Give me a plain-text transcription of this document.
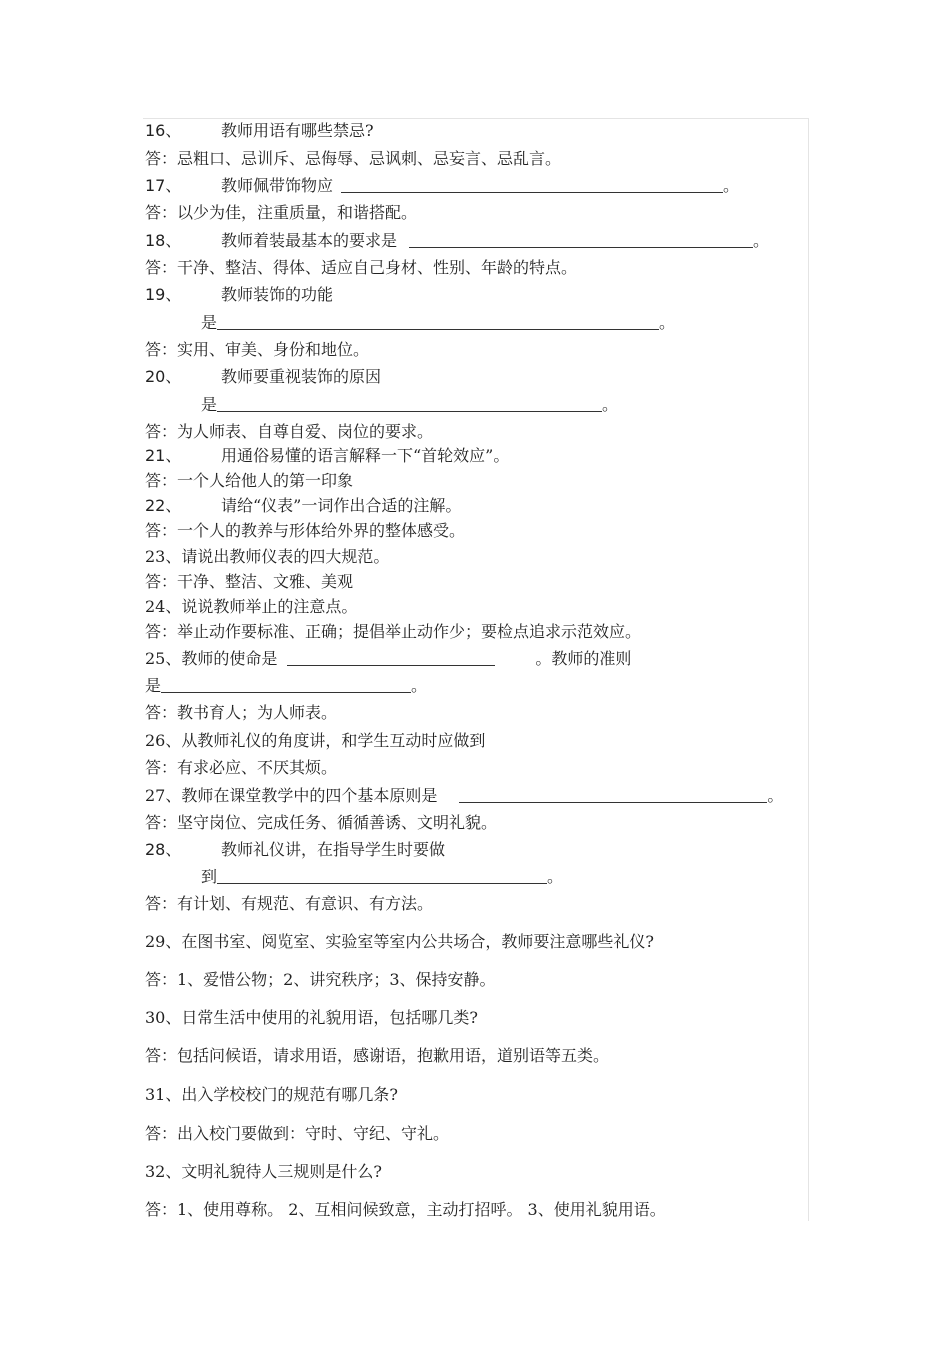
16、 教师用语有哪些禁忌?
答：忌粗口、忌训斥、忌侮辱、忌讽刺、忌妄言、忌乱言。
17、 教师佩带饰物应	。
答：以少为佳，注重质量，和谐搭配。
18、 教师着装最基本的要求是	。
答：干净、整洁、得体、适应自己身材、性别、年龄的特点。
19、 教师装饰的功能
是	。
答：实用、审美、身份和地位。
20、 教师要重视装饰的原因
是	。
答：为人师表、自尊自爱、岗位的要求。
21、 用通俗易懂的语言解释一下“首轮效应”。
答：一个人给他人的第一印象
22、 请给“仪表”一词作出合适的注解。
答：一个人的教养与形体给外界的整体感受。
23、请说出教师仪表的四大规范。
答：干净、整洁、文雅、美观
24、说说教师举止的注意点。
答：举止动作要标准、正确；提倡举止动作少；要检点追求示范效应。
25、教师的使命是	。教师的准则
是	。
答：教书育人；为人师表。
26、从教师礼仪的角度讲，和学生互动时应做到
答：有求必应、不厌其烦。
27、教师在课堂教学中的四个基本原则是	。
答：坚守岗位、完成任务、循循善诱、文明礼貌。
28、 教师礼仪讲，在指导学生时要做
到	。
答：有计划、有规范、有意识、有方法。
29、在图书室、阅览室、实验室等室内公共场合，教师要注意哪些礼仪?
答：1、爱惜公物；2、讲究秩序；3、保持安静。
30、日常生活中使用的礼貌用语，包括哪几类?
答：包括问候语，请求用语，感谢语，抱歉用语，道别语等五类。
31、出入学校校门的规范有哪几条?
答：出入校门要做到：守时、守纪、守礼。
32、文明礼貌待人三规则是什么?
答：1、使用尊称。 2、互相问候致意，主动打招呼。 3、使用礼貌用语。
